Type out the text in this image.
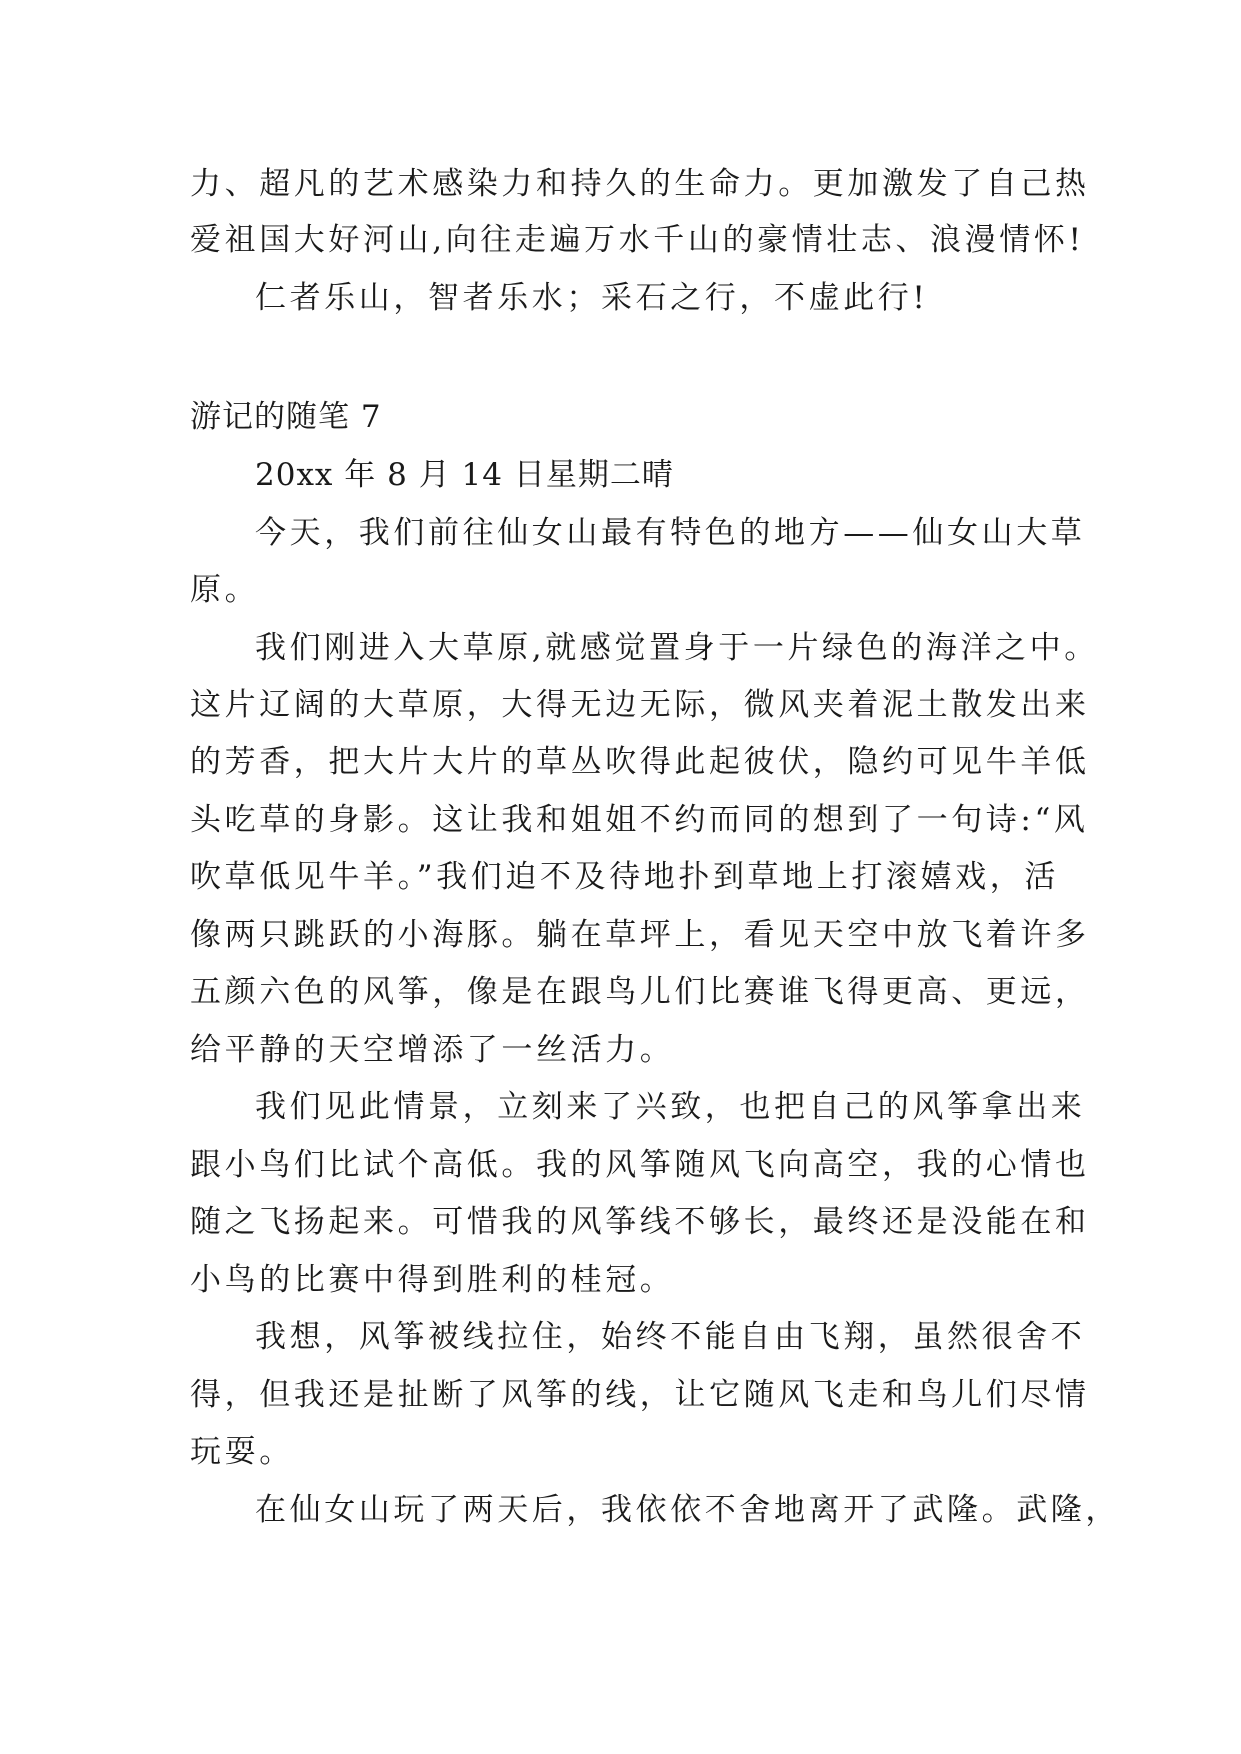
力、超凡的艺术感染力和持久的生命力。更加激发了自己热
爱祖国大好河山,向往走遍万水千山的豪情壮志、浪漫情怀!
仁者乐山，智者乐水；采石之行，不虚此行!
游记的随笔 7
20xx 年 8 月 14 日星期二晴
今天，我们前往仙女山最有特色的地方——仙女山大草
原。
我们刚进入大草原,就感觉置身于一片绿色的海洋之中。
这片辽阔的大草原，大得无边无际，微风夹着泥土散发出来
的芳香，把大片大片的草丛吹得此起彼伏，隐约可见牛羊低
头吃草的身影。这让我和姐姐不约而同的想到了一句诗:“风
吹草低见牛羊。”我们迫不及待地扑到草地上打滚嬉戏，活
像两只跳跃的小海豚。躺在草坪上，看见天空中放飞着许多
五颜六色的风筝，像是在跟鸟儿们比赛谁飞得更高、更远，
给平静的天空增添了一丝活力。
我们见此情景，立刻来了兴致，也把自己的风筝拿出来
跟小鸟们比试个高低。我的风筝随风飞向高空，我的心情也
随之飞扬起来。可惜我的风筝线不够长，最终还是没能在和
小鸟的比赛中得到胜利的桂冠。
我想，风筝被线拉住，始终不能自由飞翔，虽然很舍不
得，但我还是扯断了风筝的线，让它随风飞走和鸟儿们尽情
玩耍。
在仙女山玩了两天后，我依依不舍地离开了武隆。武隆，
